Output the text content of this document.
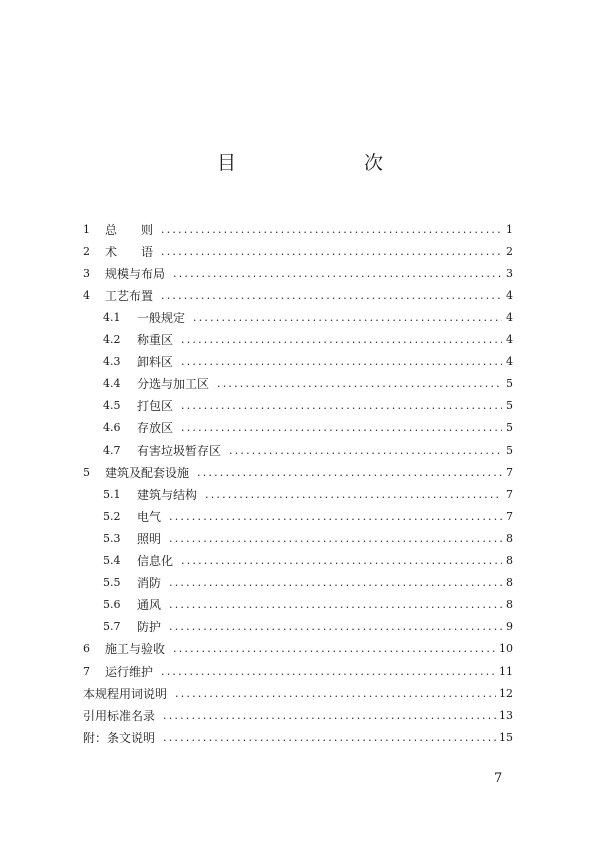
目　　次
1	总　　则 .....	1
2	术　　语 .....	2
3	规模与布局 .....	3
4	工艺布置 .....	4
4.1	一般规定 .....	4
4.2	称重区 .....	4
4.3	卸料区 .....	4
4.4	分选与加工区 .....	5
4.5	打包区 .....	5
4.6	存放区 .....	5
4.7	有害垃圾暂存区 .....	5
5	建筑及配套设施 .....	7
5.1	建筑与结构 .....	7
5.2	电气 .....	7
5.3	照明 .....	8
5.4	信息化 .....	8
5.5	消防 .....	8
5.6	通风 .....	8
5.7	防护 .....	9
6	施工与验收 .....	10
7	运行维护 .....	11
本规程用词说明 .....	12
引用标准名录 .....	13
附：条文说明 .....	15
7
